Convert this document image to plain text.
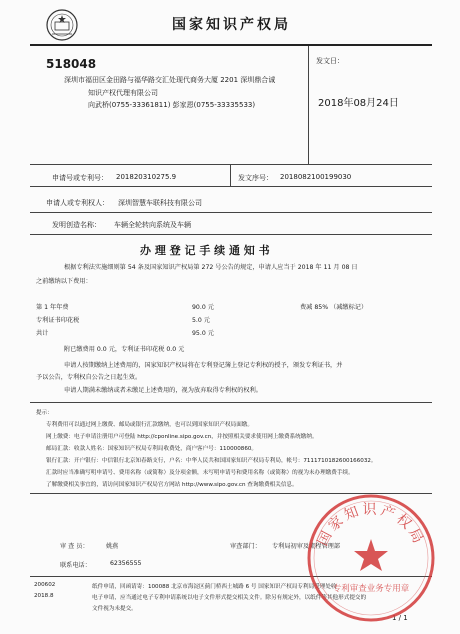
国家知识产权局
518048
深圳市福田区金田路与福华路交汇处现代商务大厦 2201 深圳鼎合诚
知识产权代理有限公司
向武桥(0755-33361811) 彭家恩(0755-33335533)
发文日：
2018年08月24日
申请号或专利号： 201820310275.9	发文序号： 2018082100199030
申请人或专利权人： 深圳智慧车联科技有限公司
发明创造名称： 车辆全轮转向系统及车辆
办 理 登 记 手 续 通 知 书
根据专利法实施细则第 54 条及国家知识产权局第 272 号公告的规定，申请人应当于 2018 年 11 月 08 日
之前缴纳以下费用：
第 1 年年费	90.0 元
专利证书印花税	5.0 元
共计	95.0 元
费减 85% （减缴标记）
附已缴费用 0.0 元，专利证书印花税 0.0 元
申请人按期缴纳上述费用的，国家知识产权局将在专利登记簿上登记专利权的授予，颁发专利证书，并
予以公告，专利权自公告之日起生效。
申请人期满未缴纳或者未缴足上述费用的，视为放弃取得专利权的权利。
提示：
专利费用可以通过网上缴费、邮局或银行汇款缴纳，也可以到国家知识产权局面缴。
网上缴费：电子申请注册用户可登陆 http://cponline.sipo.gov.cn，并按照相关要求使用网上缴费系统缴纳。
邮局汇款：收款人姓名：国家知识产权局专利局收费处，商户客户号：110000860。
银行汇款：开户银行：中信银行北京知春路支行，户名：中华人民共和国国家知识产权局专利局，帐号：7111710182600166032。
汇款时应当准确写明申请号、费用名称（或简称）及分项金额，未写明申请号和费用名称（或简称）的视为未办理缴费手续。
了解缴费相关事宜的，请访问国家知识产权局官方网站 http://www.sipo.gov.cn 查询缴费相关信息。
审 查 员：	姚燕	审查部门： 专利局初审及流程管理部
联系电话：	62356555
200602
2018.8
纸件申请，回函请寄：100088 北京市海淀区蓟门桥西土城路 6 号 国家知识产权局专利局受理处收
电子申请，应当通过电子专利申请系统以电子文件形式提交相关文件。除另有规定外，以纸件等其他形式提交的
文件视为未提交。
1 / 1
国家知识产权局
专利审查业务专用章
